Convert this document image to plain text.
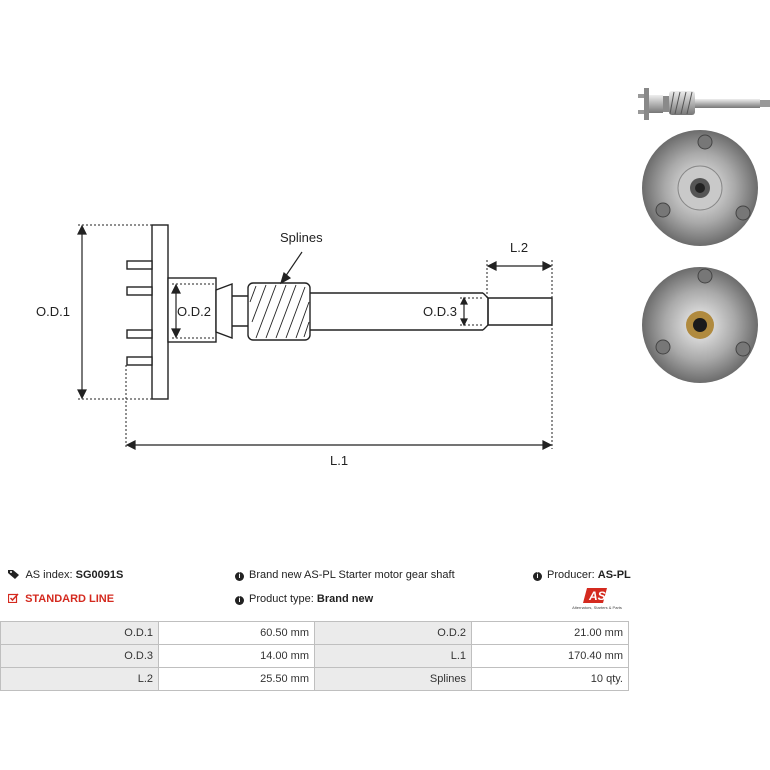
Splines
L.2
O.D.1	O.D.2	O.D.3
L.1
AS index: SG0091S
STANDARD LINE
i Brand new AS-PL Starter motor gear shaft
i Product type: Brand new
i Producer: AS-PL
AS
Alternators, Starters & Parts
O.D.1	60.50 mm	O.D.2	21.00 mm
O.D.3	14.00 mm	L.1	170.40 mm
L.2	25.50 mm	Splines	10 qty.
